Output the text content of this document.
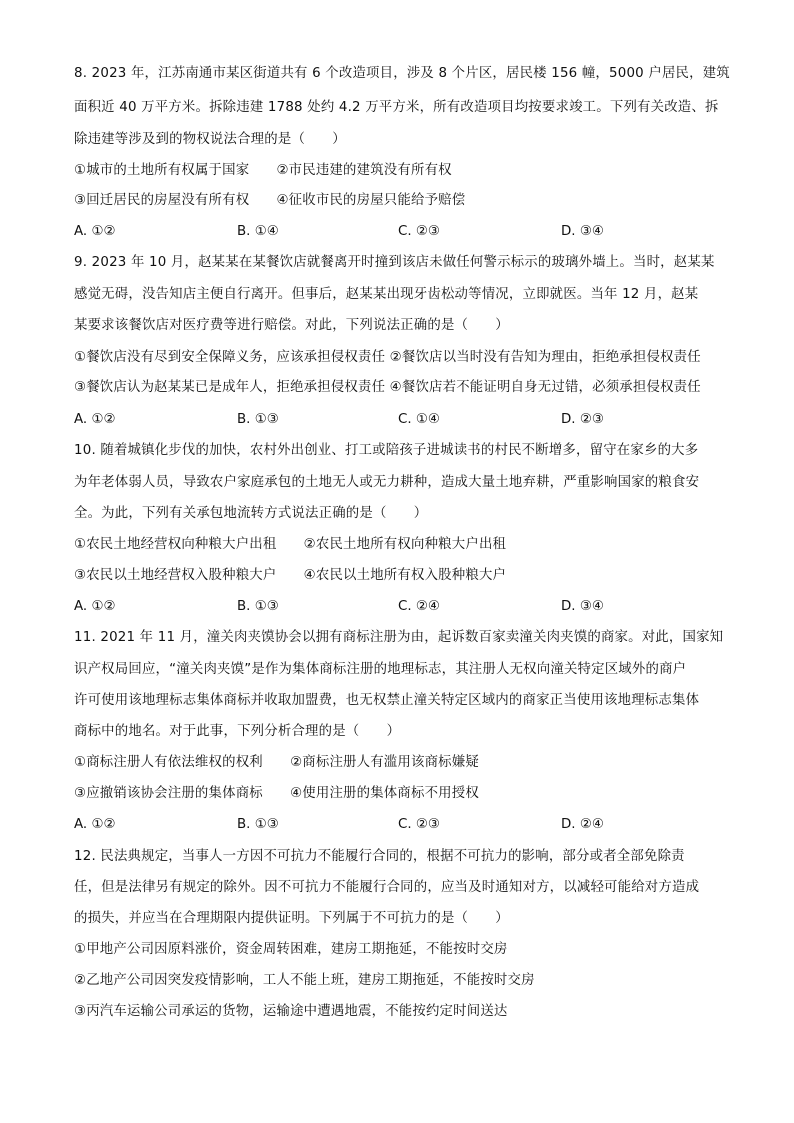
8. 2023 年，江苏南通市某区街道共有 6 个改造项目，涉及 8 个片区，居民楼 156 幢，5000 户居民，建筑
面积近 40 万平方米。拆除违建 1788 处约 4.2 万平方米，所有改造项目均按要求竣工。下列有关改造、拆
除违建等涉及到的物权说法合理的是（　　）
①城市的土地所有权属于国家　　②市民违建的建筑没有所有权
③回迁居民的房屋没有所有权　　④征收市民的房屋只能给予赔偿
A. ①②	B. ①④	C. ②③	D. ③④
9. 2023 年 10 月，赵某某在某餐饮店就餐离开时撞到该店未做任何警示标示的玻璃外墙上。当时，赵某某
感觉无碍，没告知店主便自行离开。但事后，赵某某出现牙齿松动等情况，立即就医。当年 12 月，赵某
某要求该餐饮店对医疗费等进行赔偿。对此，下列说法正确的是（　　）
①餐饮店没有尽到安全保障义务，应该承担侵权责任 ②餐饮店以当时没有告知为理由，拒绝承担侵权责任
③餐饮店认为赵某某已是成年人，拒绝承担侵权责任 ④餐饮店若不能证明自身无过错，必须承担侵权责任
A. ①②	B. ①③	C. ①④	D. ②③
10. 随着城镇化步伐的加快，农村外出创业、打工或陪孩子进城读书的村民不断增多，留守在家乡的大多
为年老体弱人员，导致农户家庭承包的土地无人或无力耕种，造成大量土地弃耕，严重影响国家的粮食安
全。为此，下列有关承包地流转方式说法正确的是（　　）
①农民土地经营权向种粮大户出租　　②农民土地所有权向种粮大户出租
③农民以土地经营权入股种粮大户　　④农民以土地所有权入股种粮大户
A. ①②	B. ①③	C. ②④	D. ③④
11. 2021 年 11 月，潼关肉夹馍协会以拥有商标注册为由，起诉数百家卖潼关肉夹馍的商家。对此，国家知
识产权局回应，“潼关肉夹馍”是作为集体商标注册的地理标志，其注册人无权向潼关特定区域外的商户
许可使用该地理标志集体商标并收取加盟费，也无权禁止潼关特定区域内的商家正当使用该地理标志集体
商标中的地名。对于此事，下列分析合理的是（　　）
①商标注册人有依法维权的权利　　②商标注册人有滥用该商标嫌疑
③应撤销该协会注册的集体商标　　④使用注册的集体商标不用授权
A. ①②	B. ①③	C. ②③	D. ②④
12. 民法典规定，当事人一方因不可抗力不能履行合同的，根据不可抗力的影响，部分或者全部免除责
任，但是法律另有规定的除外。因不可抗力不能履行合同的，应当及时通知对方，以减轻可能给对方造成
的损失，并应当在合理期限内提供证明。下列属于不可抗力的是（　　）
①甲地产公司因原料涨价，资金周转困难，建房工期拖延，不能按时交房
②乙地产公司因突发疫情影响，工人不能上班，建房工期拖延，不能按时交房
③丙汽车运输公司承运的货物，运输途中遭遇地震，不能按约定时间送达
